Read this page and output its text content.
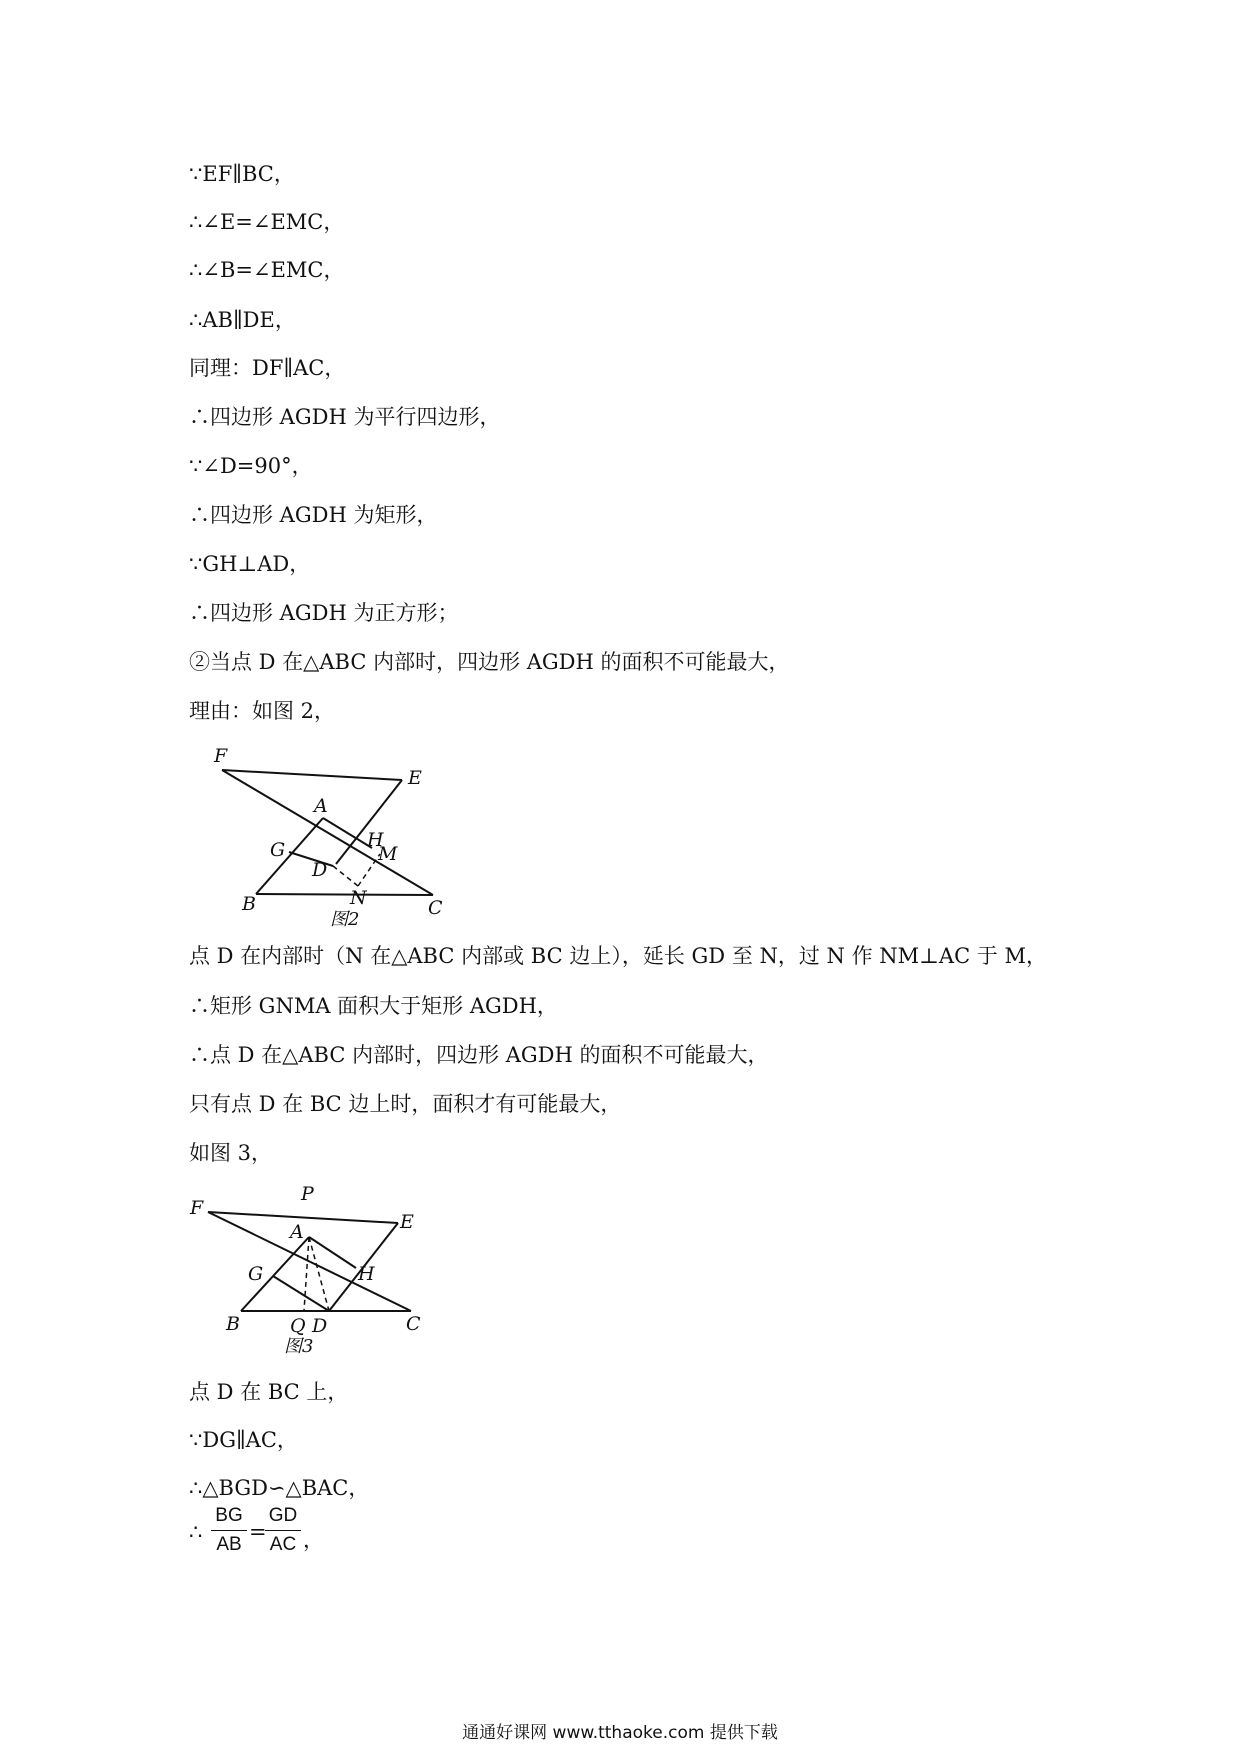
∵EF∥BC，
∴∠E=∠EMC，
∴∠B=∠EMC，
∴AB∥DE，
同理：DF∥AC，
∴四边形 AGDH 为平行四边形，
∵∠D=90°，
∴四边形 AGDH 为矩形，
∵GH⊥AD，
∴四边形 AGDH 为正方形；
②当点 D 在△ABC 内部时，四边形 AGDH 的面积不可能最大，
理由：如图 2，
F
E
A
G	H
M
D
N
B	C
图2
点 D 在内部时（N 在△ABC 内部或 BC 边上），延长 GD 至 N，过 N 作 NM⊥AC 于 M，
∴矩形 GNMA 面积大于矩形 AGDH，
∴点 D 在△ABC 内部时，四边形 AGDH 的面积不可能最大，
只有点 D 在 BC 边上时，面积才有可能最大，
如图 3，
P
F
E
A
G	H
B	Q D	C
图3
点 D 在 BC 上，
∵DG∥AC，
∴△BGD∽△BAC，
∴
BG
AB
=
GD
AC ，
通通好课网 www.tthaoke.com 提供下载
